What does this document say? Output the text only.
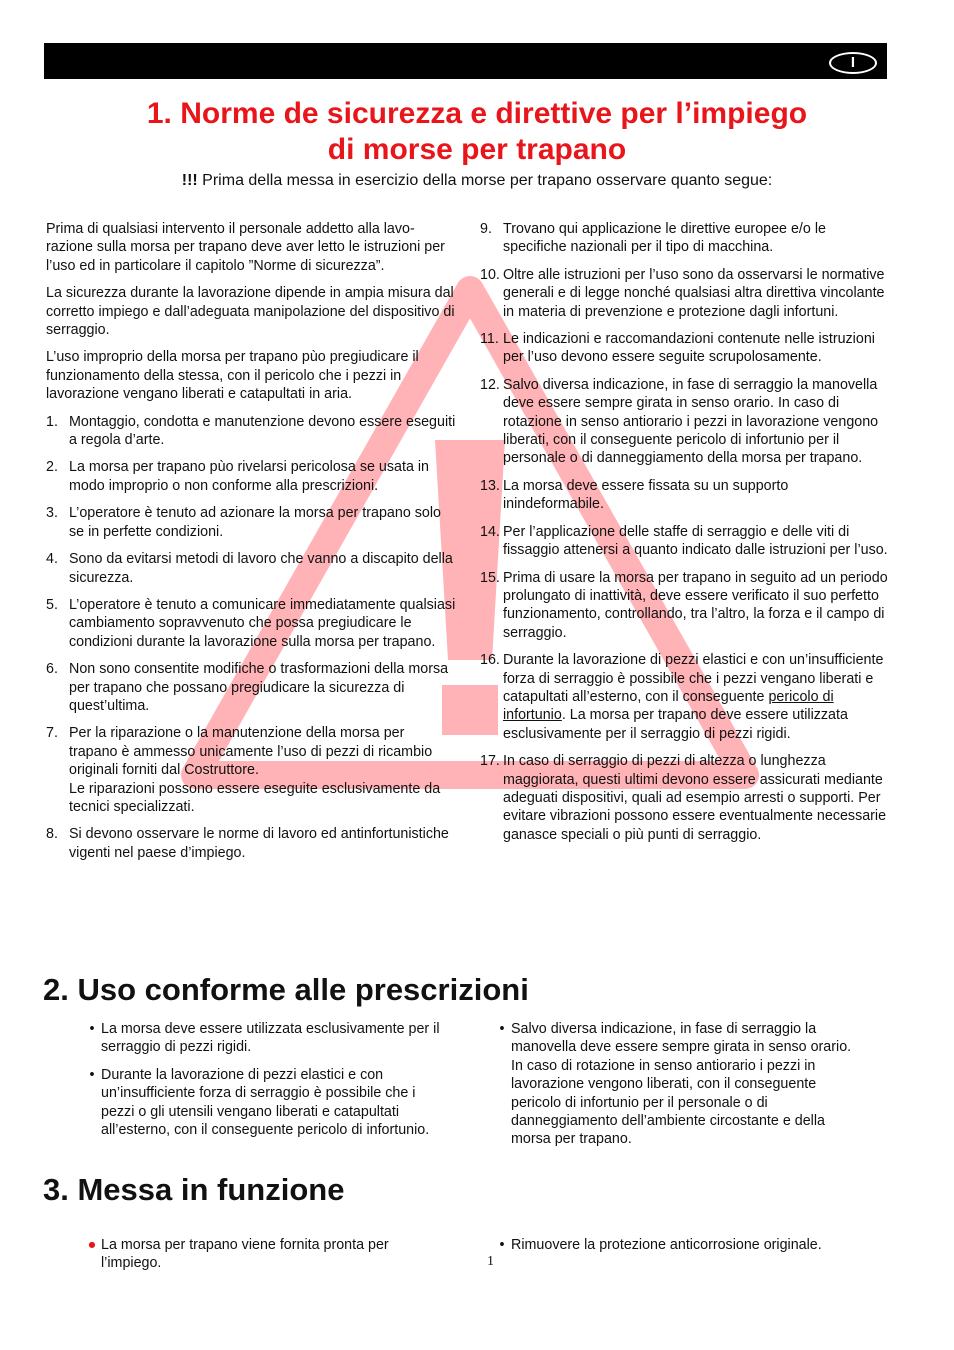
I
1. Norme de sicurezza e direttive per l’impiego
di morse per trapano

!!! Prima della messa in esercizio della morse per trapano osservare quanto segue:

Prima di qualsiasi intervento il personale addetto alla lavorazione sulla morsa per trapano deve aver letto le istruzioni per l’uso ed in particolare il capitolo ”Norme di sicurezza”.

La sicurezza durante la lavorazione dipende in ampia misura dal corretto impiego e dall’adeguata manipolazione del dispositivo di serraggio.

L’uso improprio della morsa per trapano pùo pregiudicare il funzionamento della stessa, con il pericolo che i pezzi in lavorazione vengano liberati e catapultati in aria.

1. Montaggio, condotta e manutenzione devono essere eseguiti a regola d’arte.
2. La morsa per trapano pùo rivelarsi pericolosa se usata in modo improprio o non conforme alla prescrizioni.
3. L’operatore è tenuto ad azionare la morsa per trapano solo se in perfette condizioni.
4. Sono da evitarsi metodi di lavoro che vanno a discapito della sicurezza.
5. L’operatore è tenuto a comunicare immediatamente qualsiasi cambiamento sopravvenuto che possa pregiudicare le condizioni durante la lavorazione sulla morsa per trapano.
6. Non sono consentite modifiche o trasformazioni della morsa per trapano che possano pregiudicare la sicurezza di quest’ultima.
7. Per la riparazione o la manutenzione della morsa per trapano è ammesso unicamente l’uso di pezzi di ricambio originali forniti dal Costruttore.
Le riparazioni possono essere eseguite esclusivamente da tecnici specializzati.
8. Si devono osservare le norme di lavoro ed antinfortunistiche vigenti nel paese d’impiego.
9. Trovano qui applicazione le direttive europee e/o le specifiche nazionali per il tipo di macchina.
10. Oltre alle istruzioni per l’uso sono da osservarsi le normative generali e di legge nonché qualsiasi altra direttiva vincolante in materia di prevenzione e protezione dagli infortuni.
11. Le indicazioni e raccomandazioni contenute nelle istruzioni per l’uso devono essere seguite scrupolosamente.
12. Salvo diversa indicazione, in fase di serraggio la manovella deve essere sempre girata in senso orario. In caso di rotazione in senso antiorario i pezzi in lavorazione vengono liberati, con il conseguente pericolo di infortunio per il personale o di danneggiamento della morsa per trapano.
13. La morsa deve essere fissata su un supporto inindeformabile.
14. Per l’applicazione delle staffe di serraggio e delle viti di fissaggio attenersi a quanto indicato dalle istruzioni per l’uso.
15. Prima di usare la morsa per trapano in seguito ad un periodo prolungato di inattività, deve essere verificato il suo perfetto funzionamento, controllando, tra l’altro, la forza e il campo di serraggio.
16. Durante la lavorazione di pezzi elastici e con un’insufficiente forza di serraggio è possibile che i pezzi vengano liberati e catapultati all’esterno, con il conseguente pericolo di infortunio. La morsa per trapano deve essere utilizzata esclusivamente per il serraggio di pezzi rigidi.
17. In caso di serraggio di pezzi di altezza o lunghezza maggiorata, questi ultimi devono essere assicurati mediante adeguati dispositivi, quali ad esempio arresti o supporti. Per evitare vibrazioni possono essere eventualmente necessarie ganasce speciali o più punti di serraggio.
2. Uso conforme alle prescrizioni
• La morsa deve essere utilizzata esclusivamente per il serraggio di pezzi rigidi.
• Durante la lavorazione di pezzi elastici e con un’insufficiente forza di serraggio è possibile che i pezzi o gli utensili vengano liberati e catapultati all’esterno, con il conseguente pericolo di infortunio.
• Salvo diversa indicazione, in fase di serraggio la manovella deve essere sempre girata in senso orario. In caso di rotazione in senso antiorario i pezzi in lavorazione vengono liberati, con il conseguente pericolo di infortunio per il personale o di danneggiamento dell’ambiente circostante e della morsa per trapano.
3. Messa in funzione
● La morsa per trapano viene fornita pronta per l’impiego.
• Rimuovere la protezione anticorrosione originale.
1
